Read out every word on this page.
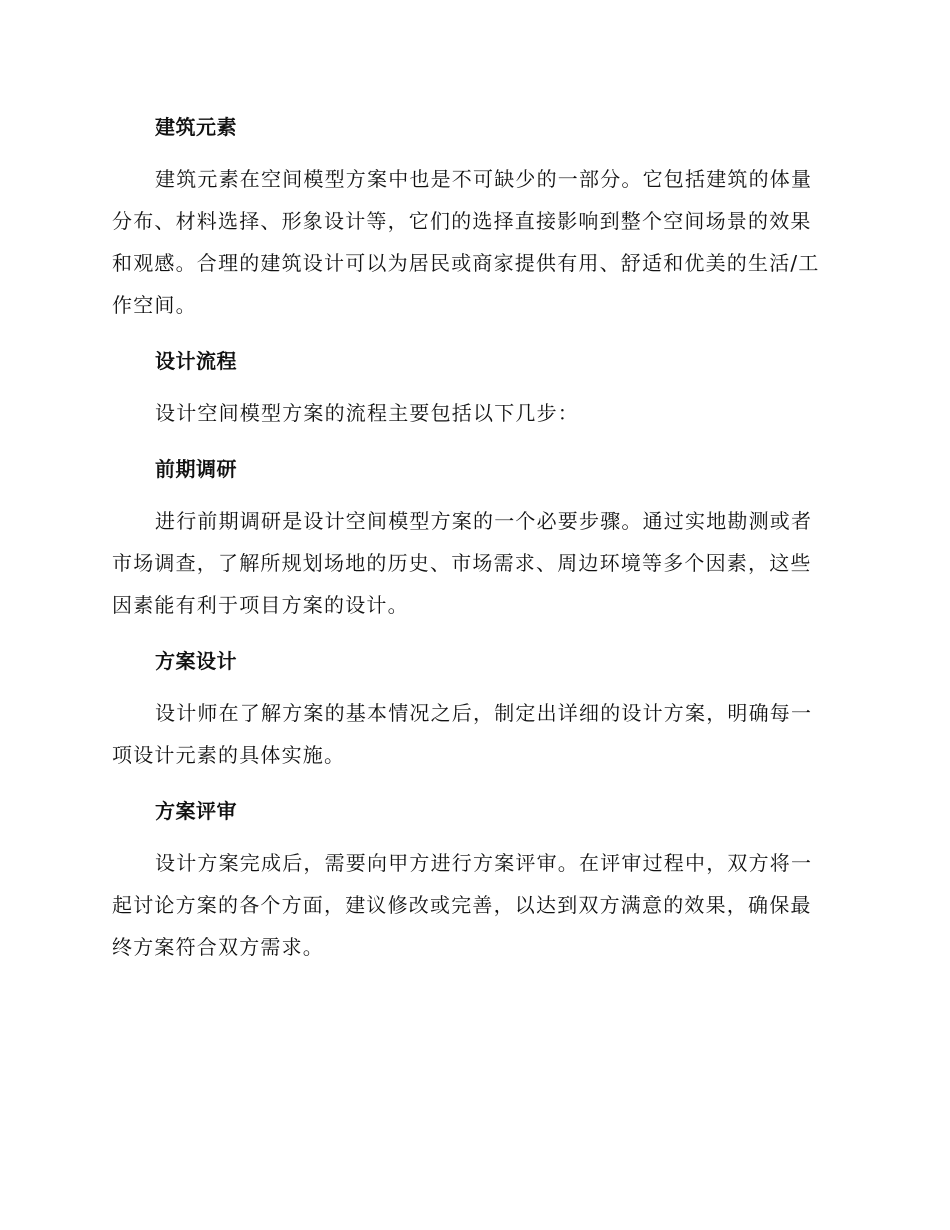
建筑元素

建筑元素在空间模型方案中也是不可缺少的一部分。它包括建筑的体量分布、材料选择、形象设计等，它们的选择直接影响到整个空间场景的效果和观感。合理的建筑设计可以为居民或商家提供有用、舒适和优美的生活/工作空间。

设计流程

设计空间模型方案的流程主要包括以下几步：

前期调研

进行前期调研是设计空间模型方案的一个必要步骤。通过实地勘测或者市场调查，了解所规划场地的历史、市场需求、周边环境等多个因素，这些因素能有利于项目方案的设计。

方案设计

设计师在了解方案的基本情况之后，制定出详细的设计方案，明确每一项设计元素的具体实施。

方案评审

设计方案完成后，需要向甲方进行方案评审。在评审过程中，双方将一起讨论方案的各个方面，建议修改或完善，以达到双方满意的效果，确保最终方案符合双方需求。
